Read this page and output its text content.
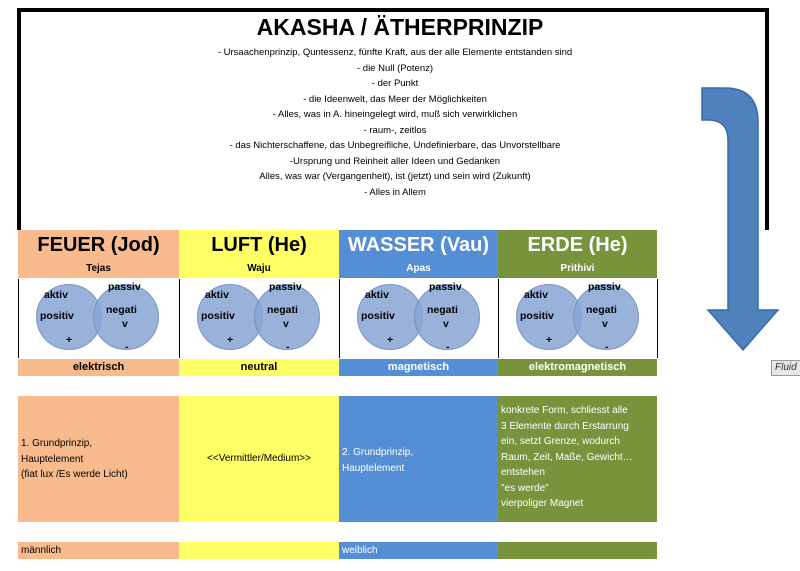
AKASHA / ÄTHERPRINZIP
- Ursaachenprinzip, Quntessenz, fünfte Kraft, aus der alle Elemente entstanden sind
- die Null (Potenz)
- der Punkt
- die Ideenwelt, das Meer der Möglichkeiten
- Alles, was in A. hineingelegt wird, muß sich verwirklichen
- raum-, zeitlos
- das Nichterschaffene, das Unbegreifliche, Undefinierbare, das Unvorstellbare
-Ursprung und Reinheit aller Ideen und Gedanken
Alles, was war (Vergangenheit), ist (jetzt) und sein wird (Zukunft)
- Alles in Allem
Fluid
FEUER (Jod)
Tejas
aktiv
positiv
+
passiv
negati
v
-
elektrisch
1. Grundprinzip,
Hauptelement
(fiat lux /Es werde Licht)
männlich
LUFT (He)
Waju
aktiv
positiv
+
passiv
negati
v
-
neutral
<<Vermittler/Medium>>
WASSER (Vau)
Apas
aktiv
positiv
+
passiv
negati
v
-
magnetisch
2. Grundprinzip,
Hauptelement
weiblich
ERDE (He)
Prithivi
aktiv
positiv
+
passiv
negati
v
-
elektromagnetisch
konkrete Form, schliesst alle
3 Elemente durch Erstarrung
ein, setzt Grenze, wodurch
Raum, Zeit, Maße, Gewicht…
entstehen
"es werde"
vierpoliger Magnet
